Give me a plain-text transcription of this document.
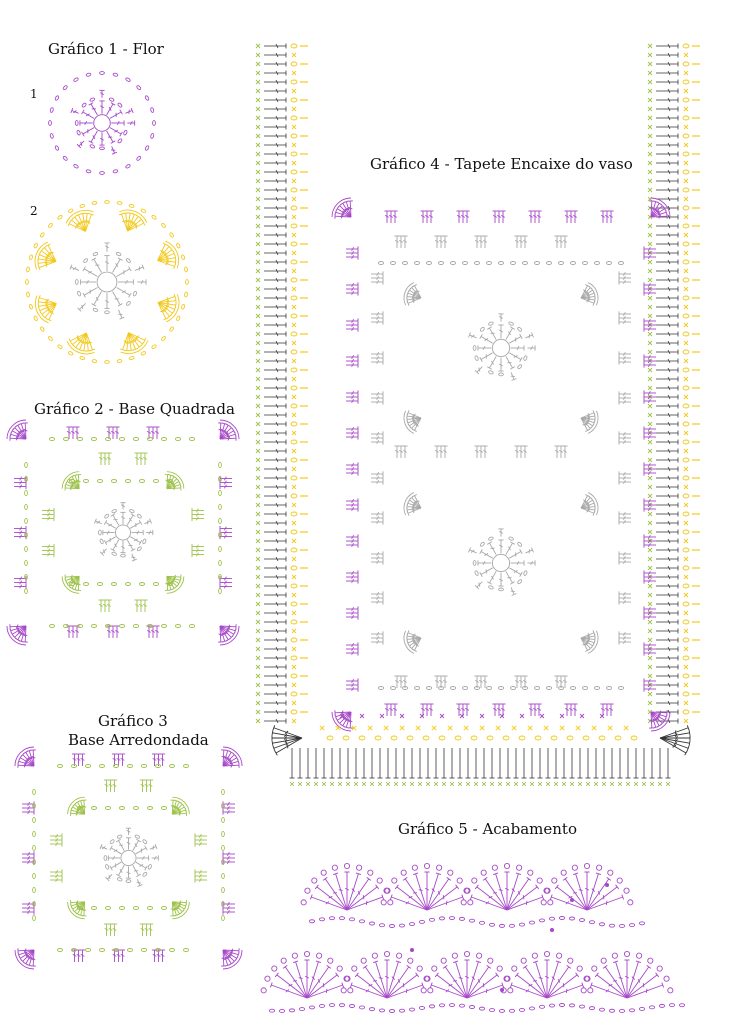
Gráfico 1 - Flor
1
2
Gráfico 2 - Base Quadrada
Gráfico 3
Base Arredondada
Gráfico 4 - Tapete Encaixe do vaso
Gráfico 5 - Acabamento
